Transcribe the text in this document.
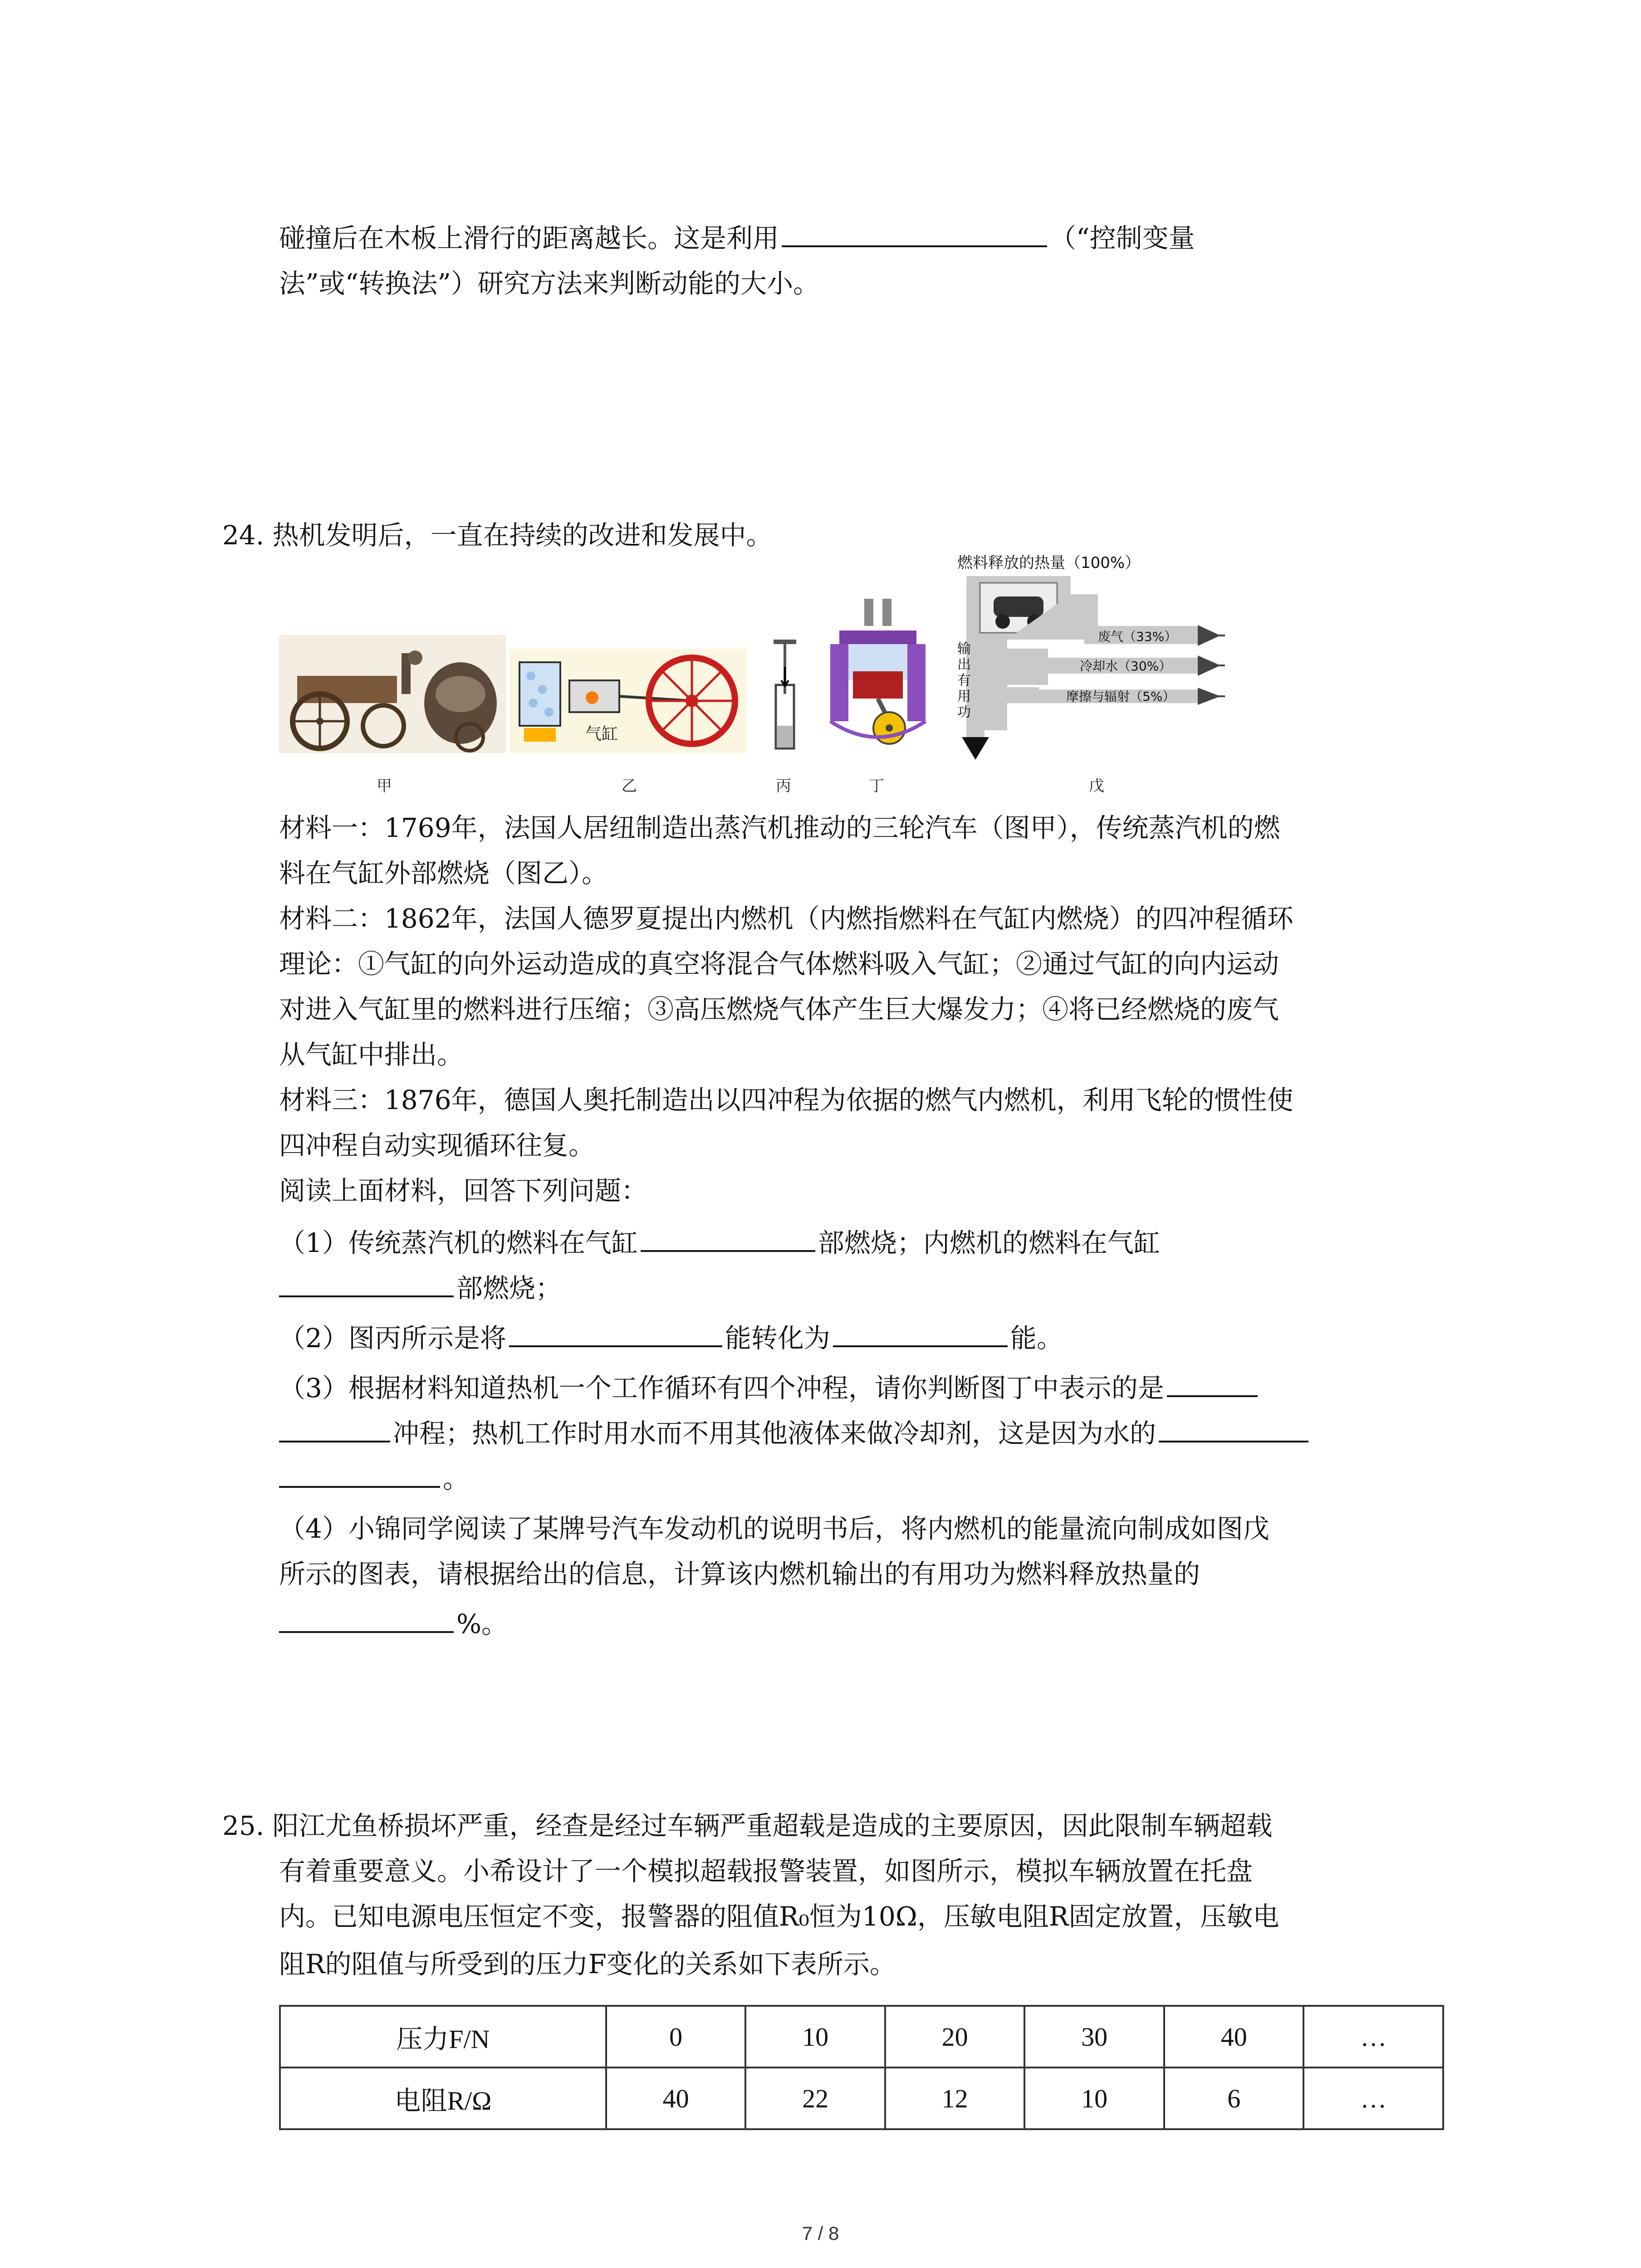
碰撞后在木板上滑行的距离越长。这是利用	（“控制变量
法”或“转换法”）研究方法来判断动能的大小。
24. 热机发明后，一直在持续的改进和发展中。
气缸
燃料释放的热量（100%）
废气（33%）
冷却水（30%）
摩擦与辐射（5%）
输
出
有
用
功
甲	乙	丙	丁	戊
材料一：1769年，法国人居纽制造出蒸汽机推动的三轮汽车（图甲），传统蒸汽机的燃
料在气缸外部燃烧（图乙）。
材料二：1862年，法国人德罗夏提出内燃机（内燃指燃料在气缸内燃烧）的四冲程循环
理论：①气缸的向外运动造成的真空将混合气体燃料吸入气缸；②通过气缸的向内运动
对进入气缸里的燃料进行压缩；③高压燃烧气体产生巨大爆发力；④将已经燃烧的废气
从气缸中排出。
材料三：1876年，德国人奥托制造出以四冲程为依据的燃气内燃机，利用飞轮的惯性使
四冲程自动实现循环往复。
阅读上面材料，回答下列问题：
（1）传统蒸汽机的燃料在气缸	部燃烧；内燃机的燃料在气缸
部燃烧；
（2）图丙所示是将	能转化为	能。
（3）根据材料知道热机一个工作循环有四个冲程，请你判断图丁中表示的是
冲程；热机工作时用水而不用其他液体来做冷却剂，这是因为水的
。
（4）小锦同学阅读了某牌号汽车发动机的说明书后，将内燃机的能量流向制成如图戊
所示的图表，请根据给出的信息，计算该内燃机输出的有用功为燃料释放热量的
%。
25. 阳江尤鱼桥损坏严重，经查是经过车辆严重超载是造成的主要原因，因此限制车辆超载
有着重要意义。小希设计了一个模拟超载报警装置，如图所示，模拟车辆放置在托盘
内。已知电源电压恒定不变，报警器的阻值R₀恒为10Ω，压敏电阻R固定放置，压敏电
阻R的阻值与所受到的压力F变化的关系如下表所示。
压力F/N	0	10	20	30	40	…
电阻R/Ω	40	22	12	10	6	…
7 / 8
